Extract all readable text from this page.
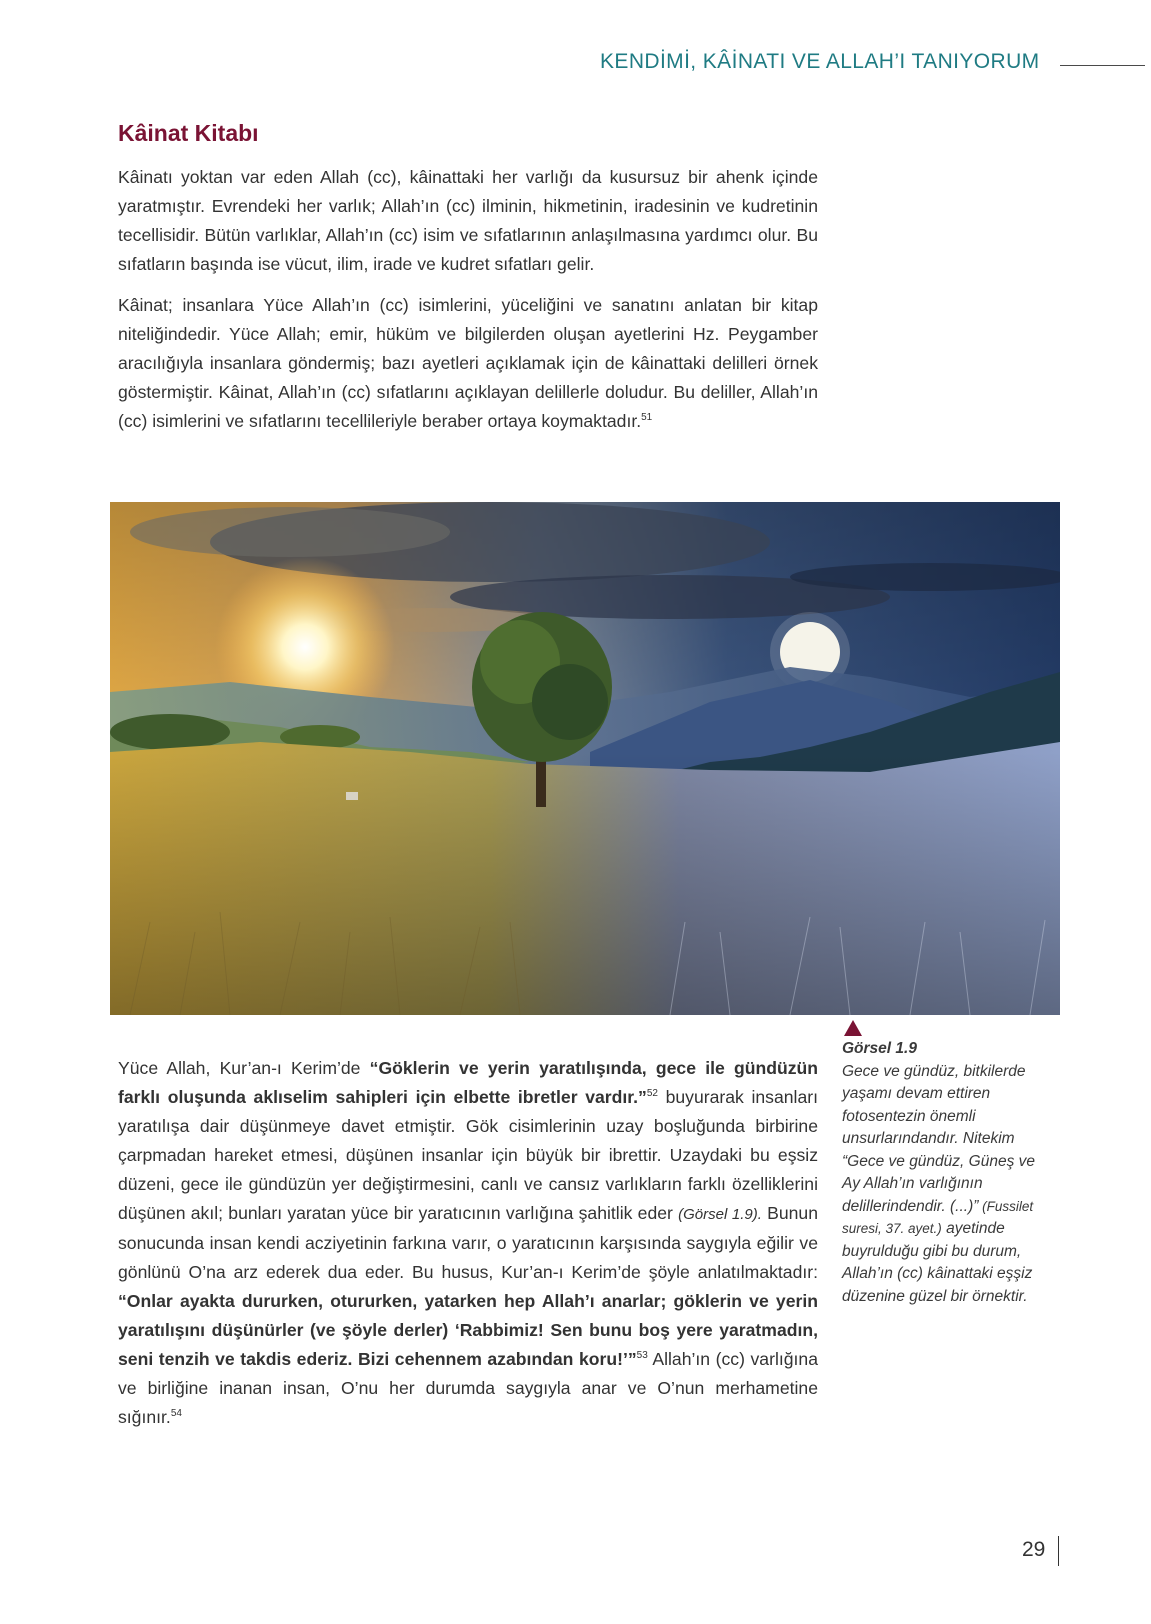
KENDİMİ, KÂİNATI VE ALLAH’I TANIYORUM
Kâinat Kitabı

Kâinatı yoktan var eden Allah (cc), kâinattaki her varlığı da kusursuz bir ahenk içinde yaratmıştır. Evrendeki her varlık; Allah’ın (cc) ilminin, hikmetinin, iradesinin ve kudretinin tecellisidir. Bütün varlıklar, Allah’ın (cc) isim ve sıfatlarının anlaşılmasına yardımcı olur. Bu sıfatların başında ise vücut, ilim, irade ve kudret sıfatları gelir.

Kâinat; insanlara Yüce Allah’ın (cc) isimlerini, yüceliğini ve sanatını anlatan bir kitap niteliğindedir. Yüce Allah; emir, hüküm ve bilgilerden oluşan ayetlerini Hz. Peygamber aracılığıyla insanlara göndermiş; bazı ayetleri açıklamak için de kâinattaki delilleri örnek göstermiştir. Kâinat, Allah’ın (cc) sıfatlarını açıklayan delillerle doludur. Bu deliller, Allah’ın (cc) isimlerini ve sıfatlarını tecellileriyle beraber ortaya koymaktadır.$^{51}$

Yüce Allah, Kur’an-ı Kerim’de “Göklerin ve yerin yaratılışında, gece ile gündüzün farklı oluşunda aklıselim sahipleri için elbette ibretler vardır.”$^{52}$ buyurarak insanları yaratılışa dair düşünmeye davet etmiştir. Gök cisimlerinin uzay boşluğunda birbirine çarpmadan hareket etmesi, düşünen insanlar için büyük bir ibrettir. Uzaydaki bu eşsiz düzeni, gece ile gündüzün yer değiştirmesini, canlı ve cansız varlıkların farklı özelliklerini düşünen akıl; bunları yaratan yüce bir yaratıcının varlığına şahitlik eder (Görsel 1.9). Bunun sonucunda insan kendi acziyetinin farkına varır, o yaratıcının karşısında saygıyla eğilir ve gönlünü O’na arz ederek dua eder. Bu husus, Kur’an-ı Kerim’de şöyle anlatılmaktadır: “Onlar ayakta dururken, otururken, yatarken hep Allah’ı anarlar; göklerin ve yerin yaratılışını düşünürler (ve şöyle derler) ‘Rabbimiz! Sen bunu boş yere yaratmadın, seni tenzih ve takdis ederiz. Bizi cehennem azabından koru!’”$^{53}$ Allah’ın (cc) varlığına ve birliğine inanan insan, O’nu her durumda saygıyla anar ve O’nun merhametine sığınır.$^{54}$

Görsel 1.9
Gece ve gündüz, bitkilerde yaşamı devam ettiren fotosentezin önemli unsurlarındandır. Nitekim “Gece ve gündüz, Güneş ve Ay Allah’ın varlığının delillerindendir. (...)” (Fussilet suresi, 37. ayet.) ayetinde buyrulduğu gibi bu durum, Allah’ın (cc) kâinattaki eşşiz düzenine güzel bir örnektir.
29
